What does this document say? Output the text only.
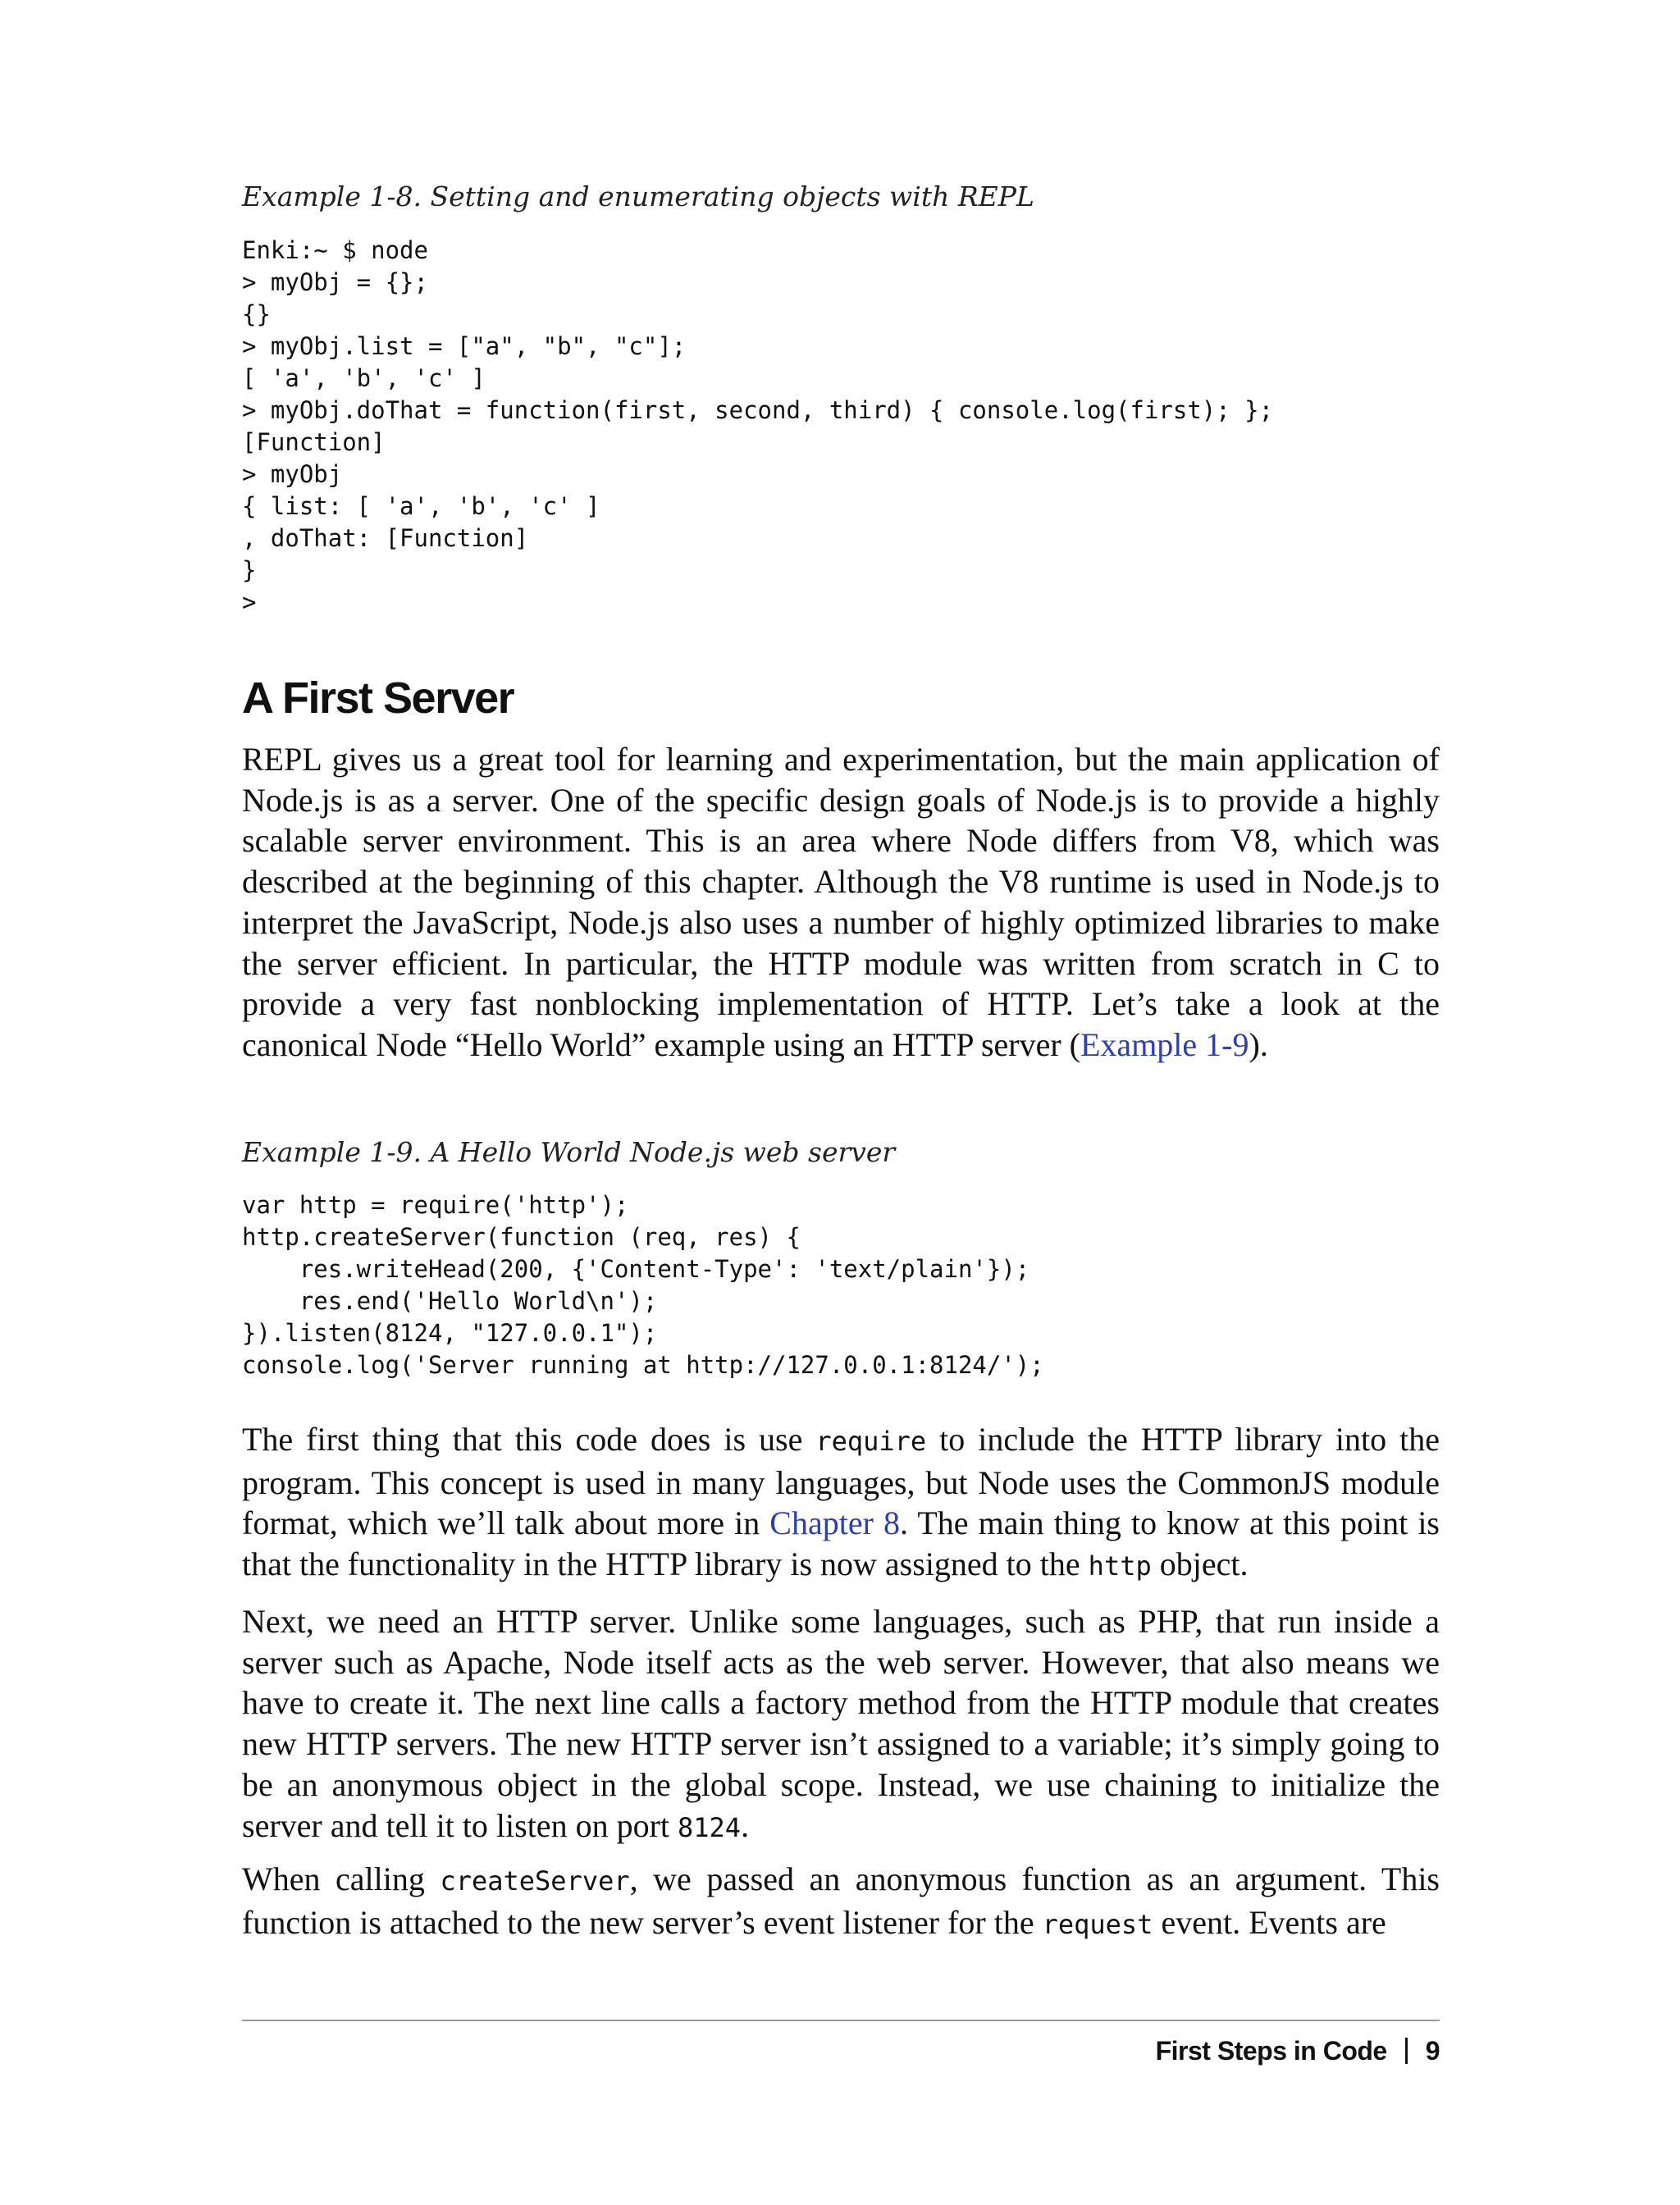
Example 1-8. Setting and enumerating objects with REPL
Enki:~ $ node
> myObj = {};
{}
> myObj.list = ["a", "b", "c"];
[ 'a', 'b', 'c' ]
> myObj.doThat = function(first, second, third) { console.log(first); };
[Function]
> myObj
{ list: [ 'a', 'b', 'c' ]
, doThat: [Function]
}
>
A First Server

REPL gives us a great tool for learning and experimentation, but the main application of Node.js is as a server. One of the specific design goals of Node.js is to provide a highly scalable server environment. This is an area where Node differs from V8, which was described at the beginning of this chapter. Although the V8 runtime is used in Node.js to interpret the JavaScript, Node.js also uses a number of highly optimized libraries to make the server efficient. In particular, the HTTP module was written from scratch in C to provide a very fast nonblocking implementation of HTTP. Let’s take a look at the canonical Node “Hello World” example using an HTTP server (Example 1-9).

Example 1-9. A Hello World Node.js web server
var http = require('http');
http.createServer(function (req, res) {
res.writeHead(200, {'Content-Type': 'text/plain'});
res.end('Hello World\n');
}).listen(8124, "127.0.0.1");
console.log('Server running at http://127.0.0.1:8124/');

The first thing that this code does is use require to include the HTTP library into the program. This concept is used in many languages, but Node uses the CommonJS module format, which we’ll talk about more in Chapter 8. The main thing to know at this point is that the functionality in the HTTP library is now assigned to the http object.

Next, we need an HTTP server. Unlike some languages, such as PHP, that run inside a server such as Apache, Node itself acts as the web server. However, that also means we have to create it. The next line calls a factory method from the HTTP module that creates new HTTP servers. The new HTTP server isn’t assigned to a variable; it’s simply going to be an anonymous object in the global scope. Instead, we use chaining to initialize the server and tell it to listen on port 8124.

When calling createServer, we passed an anonymous function as an argument. This function is attached to the new server’s event listener for the request event. Events are

First Steps in Code 9
